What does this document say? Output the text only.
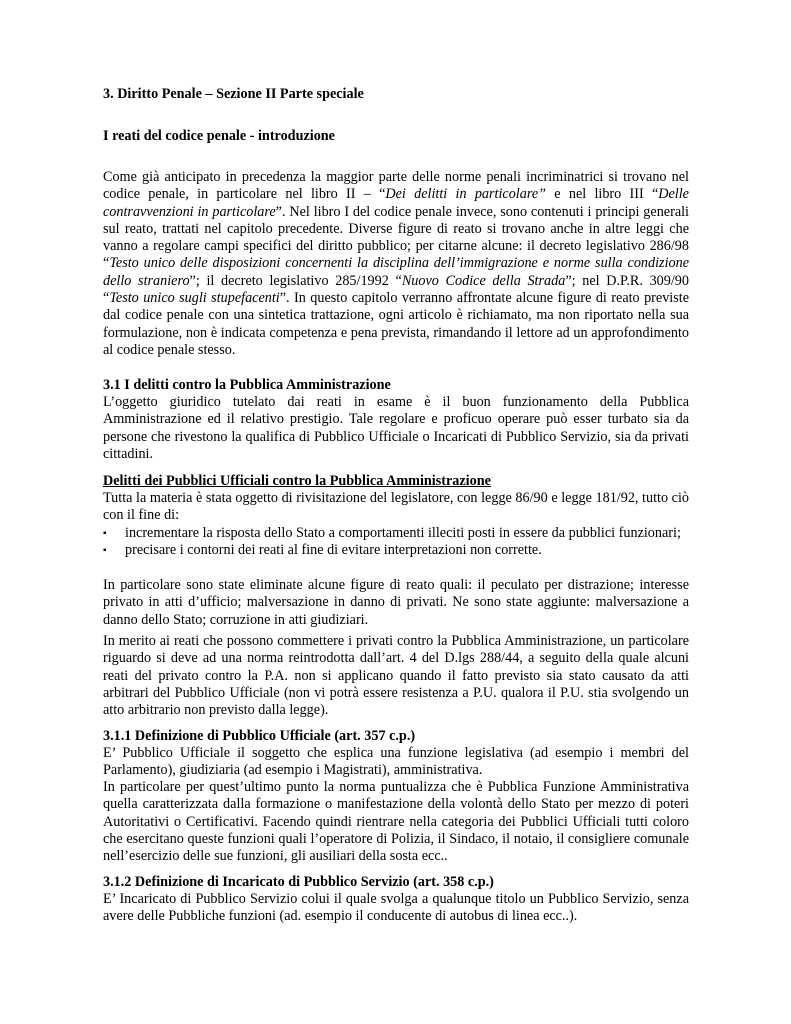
3. Diritto Penale – Sezione II Parte speciale
I reati del codice penale - introduzione

Come già anticipato in precedenza la maggior parte delle norme penali incriminatrici si trovano nel codice penale, in particolare nel libro II – “Dei delitti in particolare” e nel libro III “Delle contravvenzioni in particolare”. Nel libro I del codice penale invece, sono contenuti i principi generali sul reato, trattati nel capitolo precedente. Diverse figure di reato si trovano anche in altre leggi che vanno a regolare campi specifici del diritto pubblico; per citarne alcune: il decreto legislativo 286/98 “Testo unico delle disposizioni concernenti la disciplina dell’immigrazione e norme sulla condizione dello straniero”; il decreto legislativo 285/1992 “Nuovo Codice della Strada”; nel D.P.R. 309/90 “Testo unico sugli stupefacenti”. In questo capitolo verranno affrontate alcune figure di reato previste dal codice penale con una sintetica trattazione, ogni articolo è richiamato, ma non riportato nella sua formulazione, non è indicata competenza e pena prevista, rimandando il lettore ad un approfondimento al codice penale stesso.

3.1 I delitti contro la Pubblica Amministrazione

L’oggetto giuridico tutelato dai reati in esame è il buon funzionamento della Pubblica Amministrazione ed il relativo prestigio. Tale regolare e proficuo operare può esser turbato sia da persone che rivestono la qualifica di Pubblico Ufficiale o Incaricati di Pubblico Servizio, sia da privati cittadini.

Delitti dei Pubblici Ufficiali contro la Pubblica Amministrazione

Tutta la materia è stata oggetto di rivisitazione del legislatore, con legge 86/90 e legge 181/92, tutto ciò con il fine di:

▪ incrementare la risposta dello Stato a comportamenti illeciti posti in essere da pubblici funzionari;

▪ precisare i contorni dei reati al fine di evitare interpretazioni non corrette.

In particolare sono state eliminate alcune figure di reato quali: il peculato per distrazione; interesse privato in atti d’ufficio; malversazione in danno di privati. Ne sono state aggiunte: malversazione a danno dello Stato; corruzione in atti giudiziari.

In merito ai reati che possono commettere i privati contro la Pubblica Amministrazione, un particolare riguardo si deve ad una norma reintrodotta dall’art. 4 del D.lgs 288/44, a seguito della quale alcuni reati del privato contro la P.A. non si applicano quando il fatto previsto sia stato causato da atti arbitrari del Pubblico Ufficiale (non vi potrà essere resistenza a P.U. qualora il P.U. stia svolgendo un atto arbitrario non previsto dalla legge).

3.1.1 Definizione di Pubblico Ufficiale (art. 357 c.p.)

E’ Pubblico Ufficiale il soggetto che esplica una funzione legislativa (ad esempio i membri del Parlamento), giudiziaria (ad esempio i Magistrati), amministrativa.

In particolare per quest’ultimo punto la norma puntualizza che è Pubblica Funzione Amministrativa quella caratterizzata dalla formazione o manifestazione della volontà dello Stato per mezzo di poteri Autoritativi o Certificativi. Facendo quindi rientrare nella categoria dei Pubblici Ufficiali tutti coloro che esercitano queste funzioni quali l’operatore di Polizia, il Sindaco, il notaio, il consigliere comunale nell’esercizio delle sue funzioni, gli ausiliari della sosta ecc..

3.1.2 Definizione di Incaricato di Pubblico Servizio (art. 358 c.p.)

E’ Incaricato di Pubblico Servizio colui il quale svolga a qualunque titolo un Pubblico Servizio, senza avere delle Pubbliche funzioni (ad. esempio il conducente di autobus di linea ecc..).
